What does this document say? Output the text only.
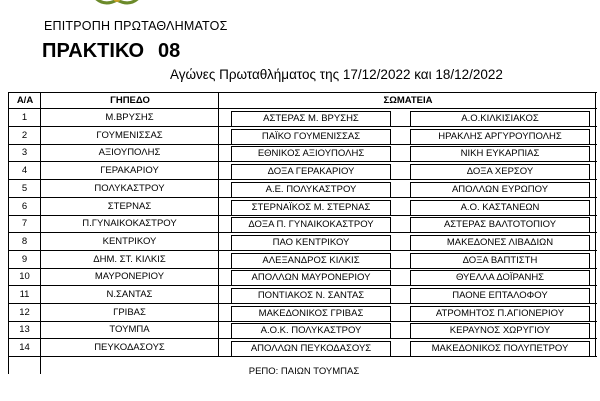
ΕΠΙΤΡΟΠΗ ΠΡΩΤΑΘΛΗΜΑΤΟΣ
ΠΡΑΚΤΙΚΟ 08
Αγώνες Πρωταθλήματος της 17/12/2022 και 18/12/2022
Α/Α	ΓΗΠΕΔΟ	ΣΩΜΑΤΕΙΑ
1	Μ.ΒΡΥΣΗΣ	ΑΣΤΕΡΑΣ Μ. ΒΡΥΣΗΣ	Α.Ο.ΚΙΛΚΙΣΙΑΚΟΣ
2	ΓΟΥΜΕΝΙΣΣΑΣ	ΠΑΪΚΟ ΓΟΥΜΕΝΙΣΣΑΣ	ΗΡΑΚΛΗΣ ΑΡΓΥΡΟΥΠΟΛΗΣ
3	ΑΞΙΟΥΠΟΛΗΣ	ΕΘΝΙΚΟΣ ΑΞΙΟΥΠΟΛΗΣ	ΝΙΚΗ ΕΥΚΑΡΠΙΑΣ
4	ΓΕΡΑΚΑΡΙΟΥ	ΔΟΞΑ ΓΕΡΑΚΑΡΙΟΥ	ΔΟΞΑ ΧΕΡΣΟΥ
5	ΠΟΛΥΚΑΣΤΡΟΥ	Α.Ε. ΠΟΛΥΚΑΣΤΡΟΥ	ΑΠΟΛΛΩΝ ΕΥΡΩΠΟΥ
6	ΣΤΕΡΝΑΣ	ΣΤΕΡΝΑΪΚΟΣ Μ. ΣΤΕΡΝΑΣ	Α.Ο. ΚΑΣΤΑΝΕΩΝ
7	Π.ΓΥΝΑΙΚΟΚΑΣΤΡΟΥ	ΔΟΞΑ Π. ΓΥΝΑΙΚΟΚΑΣΤΡΟΥ	ΑΣΤΕΡΑΣ ΒΑΛΤΟΤΟΠΙΟΥ
8	ΚΕΝΤΡΙΚΟΥ	ΠΑΟ ΚΕΝΤΡΙΚΟΥ	ΜΑΚΕΔΟΝΕΣ ΛΙΒΑΔΙΩΝ
9	ΔΗΜ. ΣΤ. ΚΙΛΚΙΣ	ΑΛΕΞΑΝΔΡΟΣ ΚΙΛΚΙΣ	ΔΟΞΑ ΒΑΠΤΙΣΤΗ
10	ΜΑΥΡΟΝΕΡΙΟΥ	ΑΠΟΛΛΩΝ ΜΑΥΡΟΝΕΡΙΟΥ	ΘΥΕΛΛΑ ΔΟΪΡΑΝΗΣ
11	Ν.ΣΑΝΤΑΣ	ΠΟΝΤΙΑΚΟΣ Ν. ΣΑΝΤΑΣ	ΠΑΟΝΕ ΕΠΤΑΛΟΦΟΥ
12	ΓΡΙΒΑΣ	ΜΑΚΕΔΟΝΙΚΟΣ ΓΡΙΒΑΣ	ΑΤΡΟΜΗΤΟΣ Π.ΑΓΙΟΝΕΡΙΟΥ
13	ΤΟΥΜΠΑ	Α.Ο.Κ. ΠΟΛΥΚΑΣΤΡΟΥ	ΚΕΡΑΥΝΟΣ ΧΩΡΥΓΙΟΥ
14	ΠΕΥΚΟΔΑΣΟΥΣ	ΑΠΟΛΛΩΝ ΠΕΥΚΟΔΑΣΟΥΣ	ΜΑΚΕΔΟΝΙΚΟΣ ΠΟΛΥΠΕΤΡΟΥ
ΡΕΠΟ: ΠΑΙΩΝ ΤΟΥΜΠΑΣ
